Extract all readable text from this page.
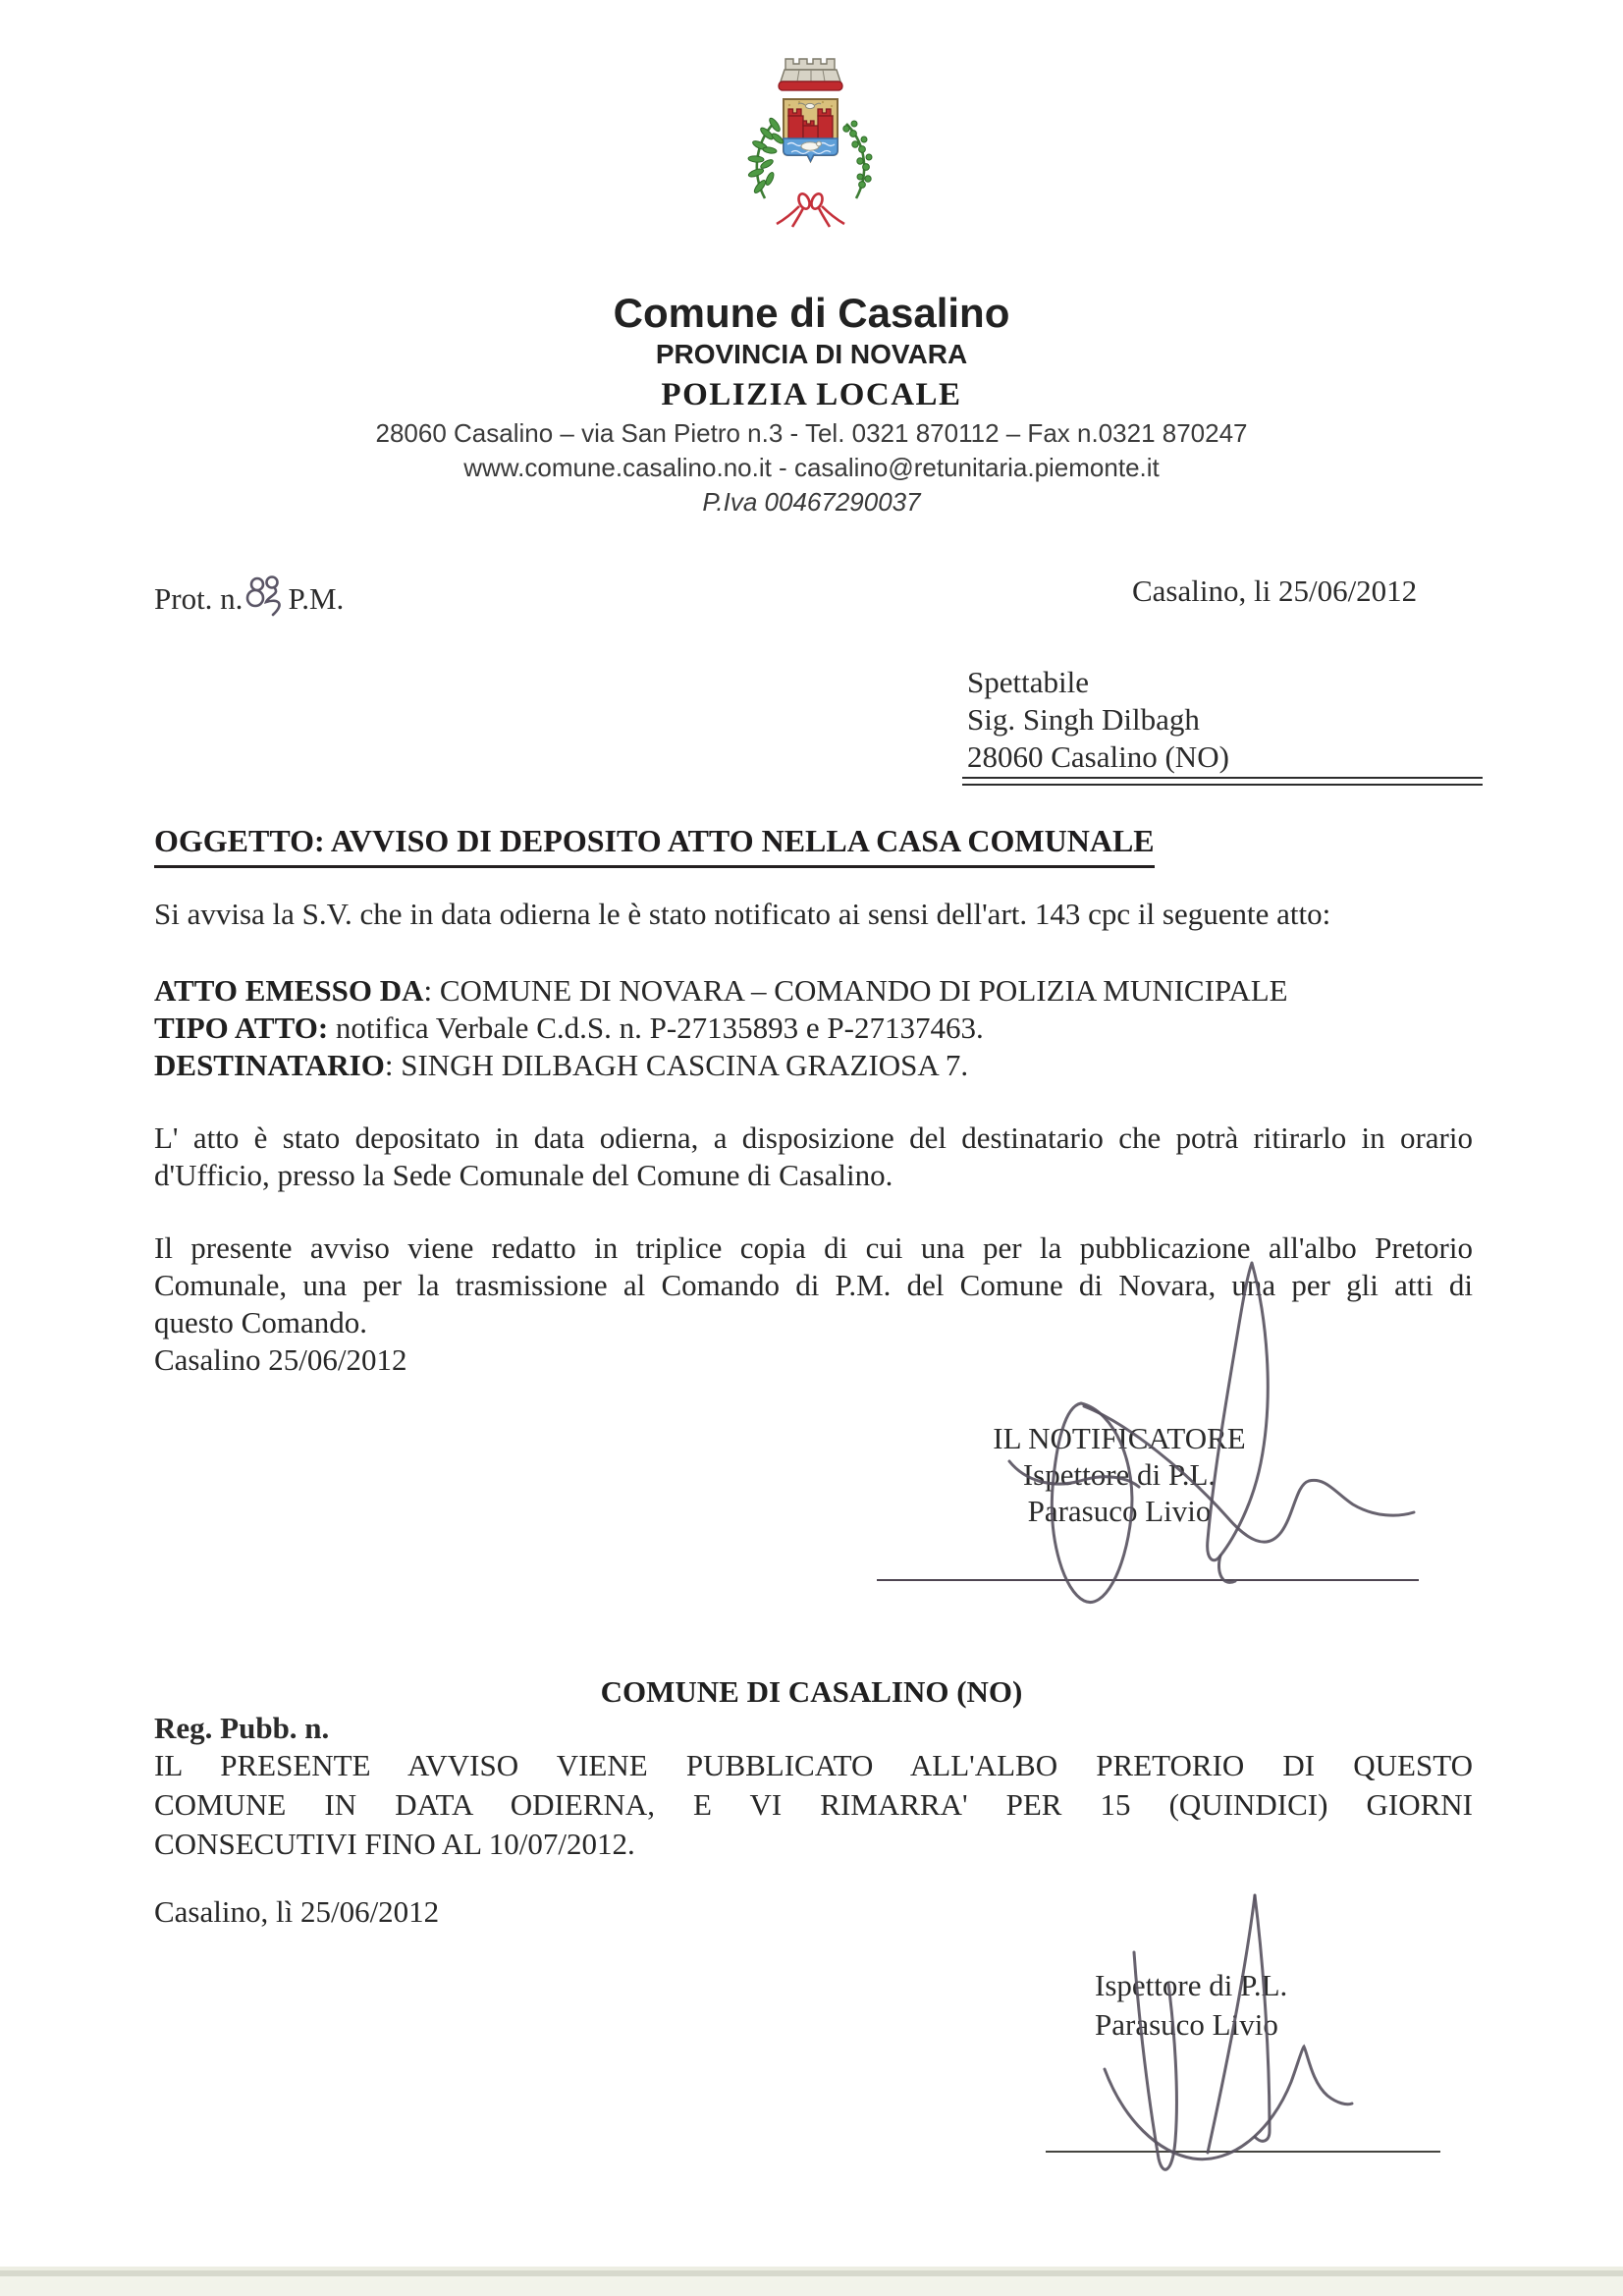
Comune di Casalino
PROVINCIA DI NOVARA
POLIZIA LOCALE
28060 Casalino – via San Pietro n.3 - Tel. 0321 870112 – Fax n.0321 870247
www.comune.casalino.no.it - casalino@retunitaria.piemonte.it
P.Iva 00467290037
Prot. n. P.M.	Casalino, li 25/06/2012
Spettabile
Sig. Singh Dilbagh
28060 Casalino (NO)
OGGETTO: AVVISO DI DEPOSITO ATTO NELLA CASA COMUNALE
Si avvisa la S.V. che in data odierna le è stato notificato ai sensi dell'art. 143 cpc il seguente atto:
ATTO EMESSO DA: COMUNE DI NOVARA – COMANDO DI POLIZIA MUNICIPALE
TIPO ATTO: notifica Verbale C.d.S. n. P-27135893 e P-27137463.
DESTINATARIO: SINGH DILBAGH CASCINA GRAZIOSA 7.
L' atto è stato depositato in data odierna, a disposizione del destinatario che potrà ritirarlo in orario
d'Ufficio, presso la Sede Comunale del Comune di Casalino.
Il presente avviso viene redatto in triplice copia di cui una per la pubblicazione all'albo Pretorio
Comunale, una per la trasmissione al Comando di P.M. del Comune di Novara, una per gli atti di
questo Comando.
Casalino 25/06/2012
IL NOTIFICATORE
Ispettore di P.L.
Parasuco Livio
COMUNE DI CASALINO (NO)
Reg. Pubb. n.
IL PRESENTE AVVISO VIENE PUBBLICATO ALL'ALBO PRETORIO DI QUESTO
COMUNE IN DATA ODIERNA, E VI RIMARRA' PER 15 (QUINDICI) GIORNI
CONSECUTIVI FINO AL 10/07/2012.
Casalino, lì 25/06/2012
Ispettore di P.L.
Parasuco Livio
